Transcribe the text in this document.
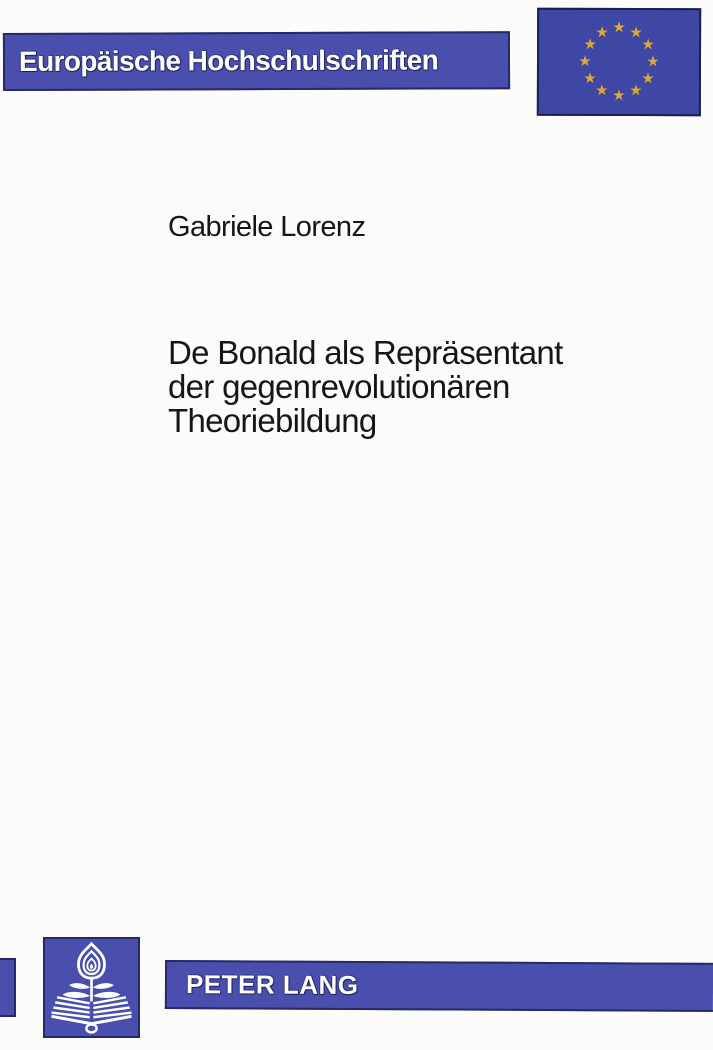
Europäische Hochschulschriften
★ ★
★
★
★
★
★
★
★
★
★
★
Gabriele Lorenz
De Bonald als Repräsentant
der gegenrevolutionären
Theoriebildung
PETER LANG
